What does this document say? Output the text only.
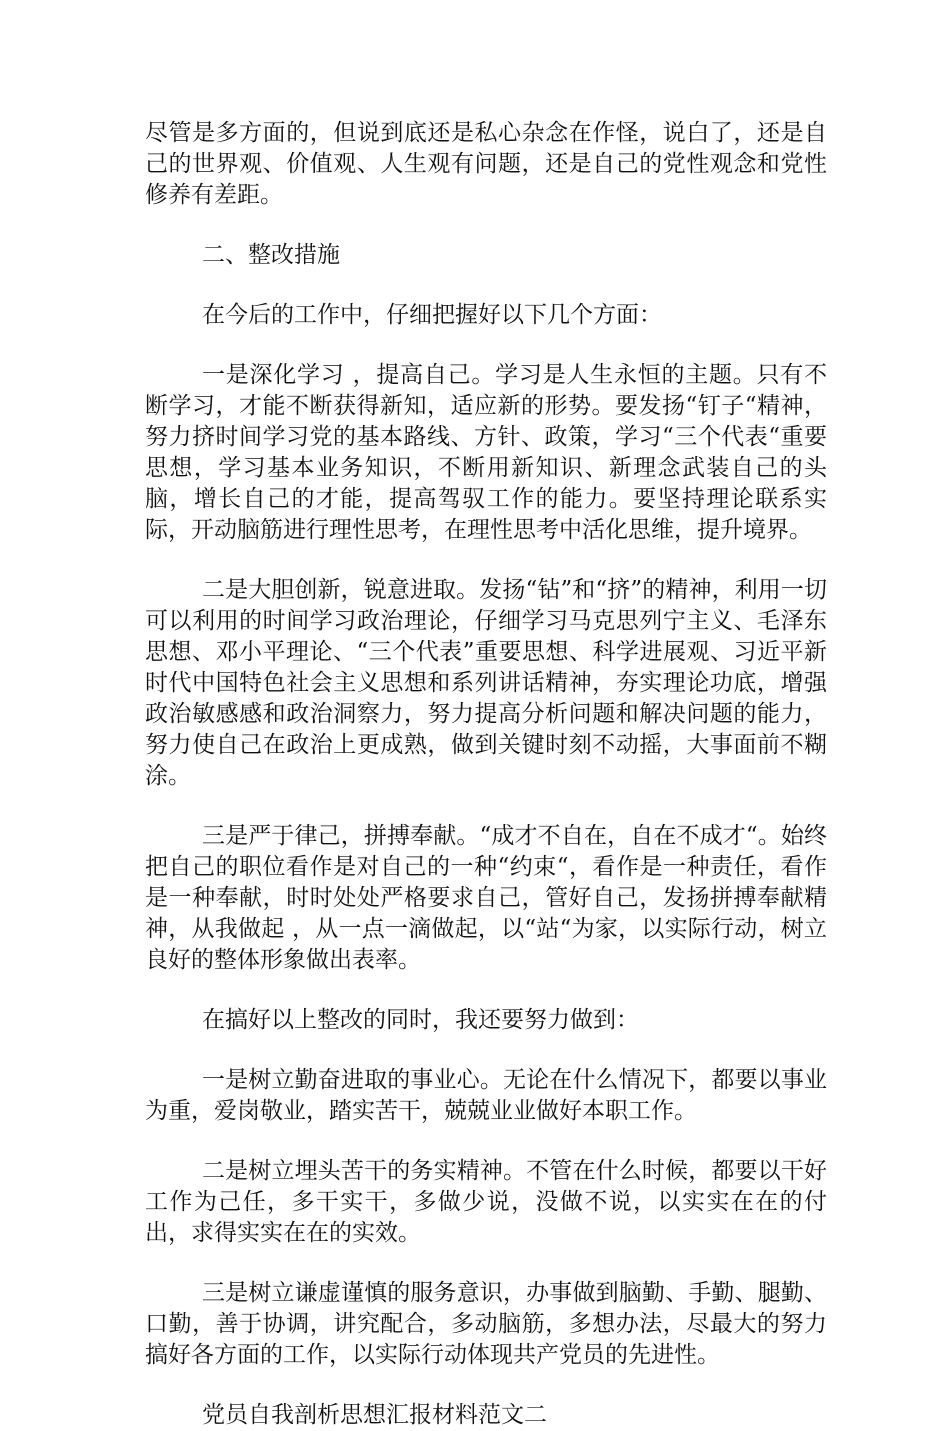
尽管是多方面的，但说到底还是私心杂念在作怪，说白了，还是自己的世界观、价值观、人生观有问题，还是自己的党性观念和党性修养有差距。

二、整改措施

在今后的工作中，仔细把握好以下几个方面：

一是深化学习 ，提高自己。学习是人生永恒的主题。只有不断学习，才能不断获得新知，适应新的形势。要发扬“钉子“精神，努力挤时间学习党的基本路线、方针、政策，学习“三个代表“重要思想，学习基本业务知识，不断用新知识、新理念武装自己的头脑，增长自己的才能，提高驾驭工作的能力。要坚持理论联系实际，开动脑筋进行理性思考，在理性思考中活化思维，提升境界。

二是大胆创新，锐意进取。发扬“钻”和“挤”的精神，利用一切可以利用的时间学习政治理论，仔细学习马克思列宁主义、毛泽东思想、邓小平理论、“三个代表”重要思想、科学进展观、习近平新时代中国特色社会主义思想和系列讲话精神，夯实理论功底，增强政治敏感感和政治洞察力，努力提高分析问题和解决问题的能力，努力使自己在政治上更成熟，做到关键时刻不动摇，大事面前不糊涂。

三是严于律己，拼搏奉献。“成才不自在，自在不成才“。始终把自己的职位看作是对自己的一种“约束“，看作是一种责任，看作是一种奉献，时时处处严格要求自己，管好自己，发扬拼搏奉献精神，从我做起 ，从一点一滴做起，以“站“为家，以实际行动，树立良好的整体形象做出表率。

在搞好以上整改的同时，我还要努力做到：

一是树立勤奋进取的事业心。无论在什么情况下，都要以事业为重，爱岗敬业，踏实苦干，兢兢业业做好本职工作。

二是树立埋头苦干的务实精神。不管在什么时候，都要以干好工作为己任，多干实干，多做少说，没做不说，以实实在在的付出，求得实实在在的实效。

三是树立谦虚谨慎的服务意识，办事做到脑勤、手勤、腿勤、口勤，善于协调，讲究配合，多动脑筋，多想办法，尽最大的努力搞好各方面的工作，以实际行动体现共产党员的先进性。

党员自我剖析思想汇报材料范文二
